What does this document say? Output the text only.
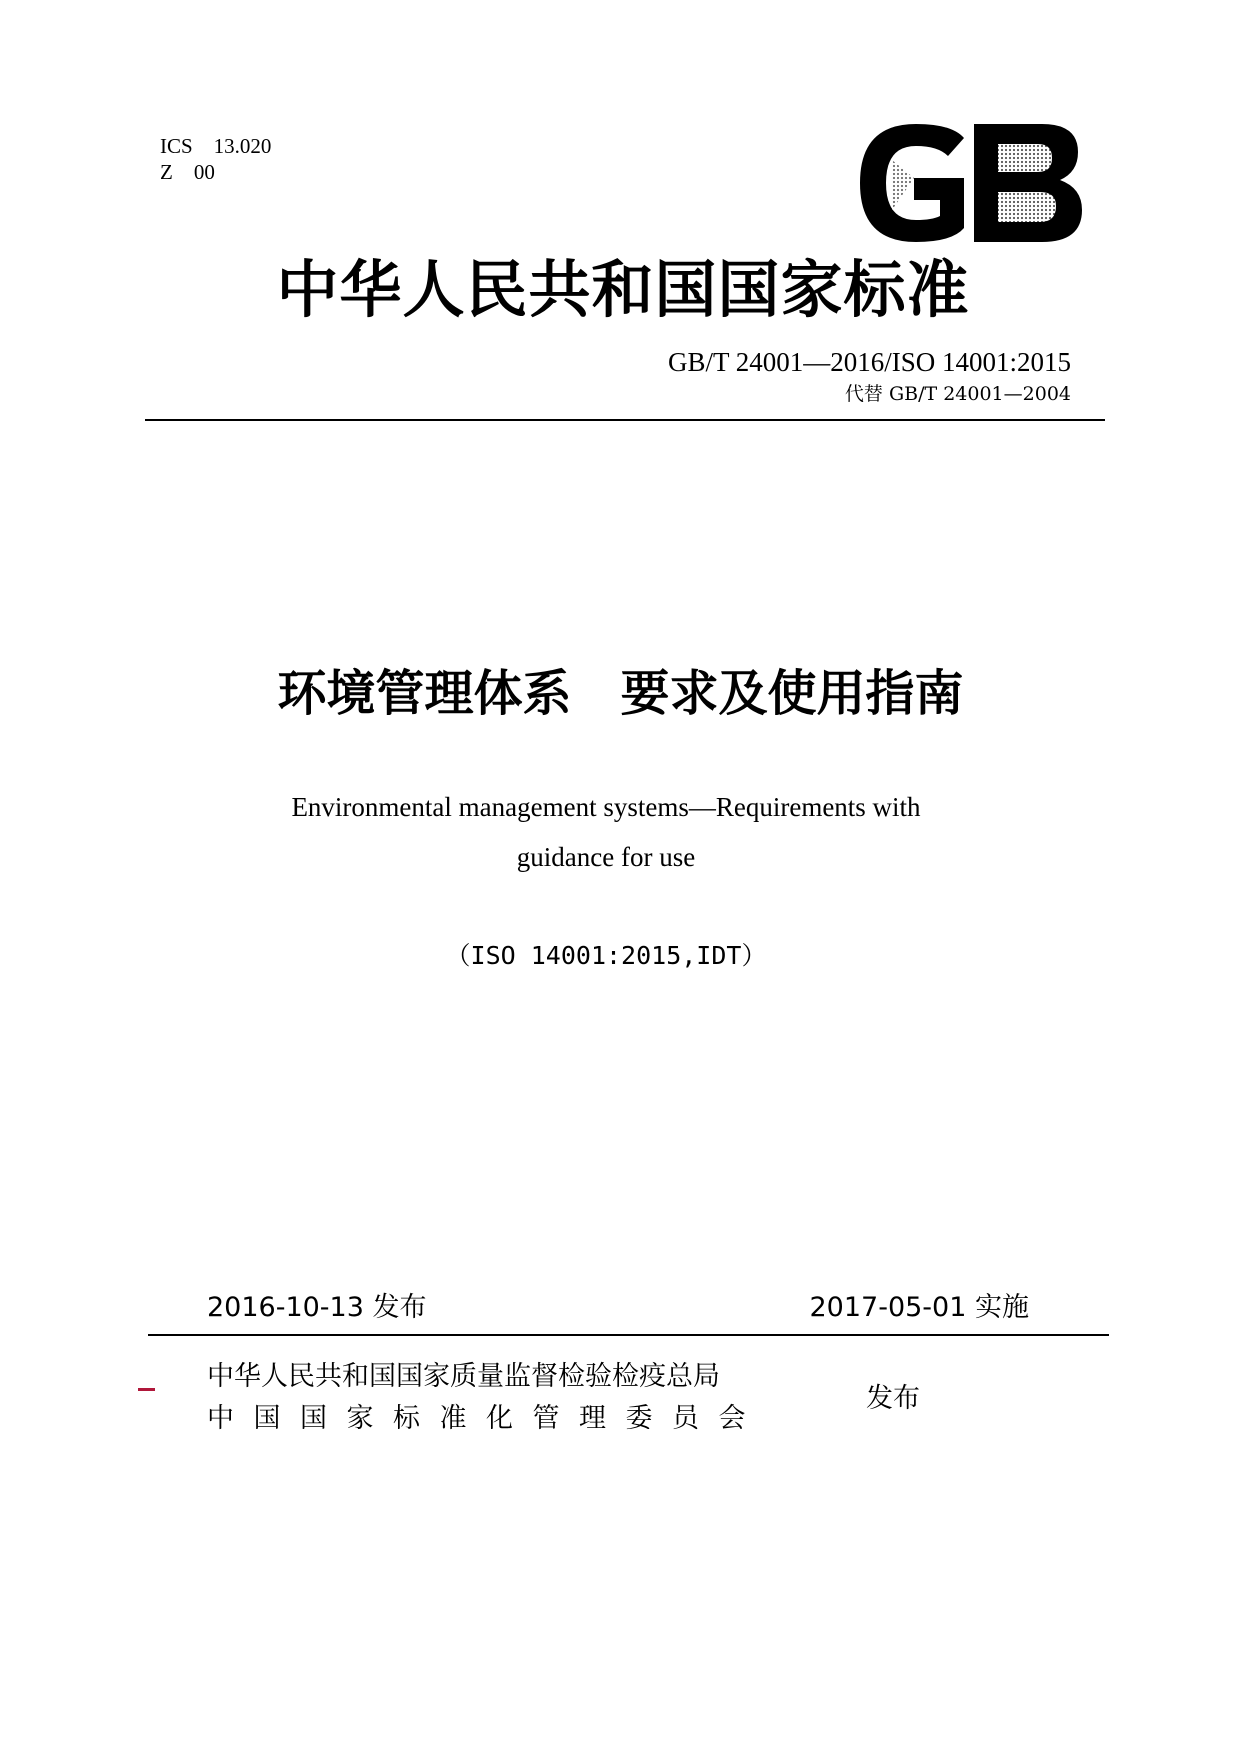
ICS　13.020
Z　00
中华人民共和国国家标准
GB/T 24001—2016/ISO 14001:2015
代替 GB/T 24001—2004
环境管理体系　要求及使用指南
Environmental management systems—Requirements with
guidance for use
（ISO 14001:2015,IDT）
2016-10-13 发布	2017-05-01 实施
中华人民共和国国家质量监督检验检疫总局
中国国家标准化管理委员会
发布
